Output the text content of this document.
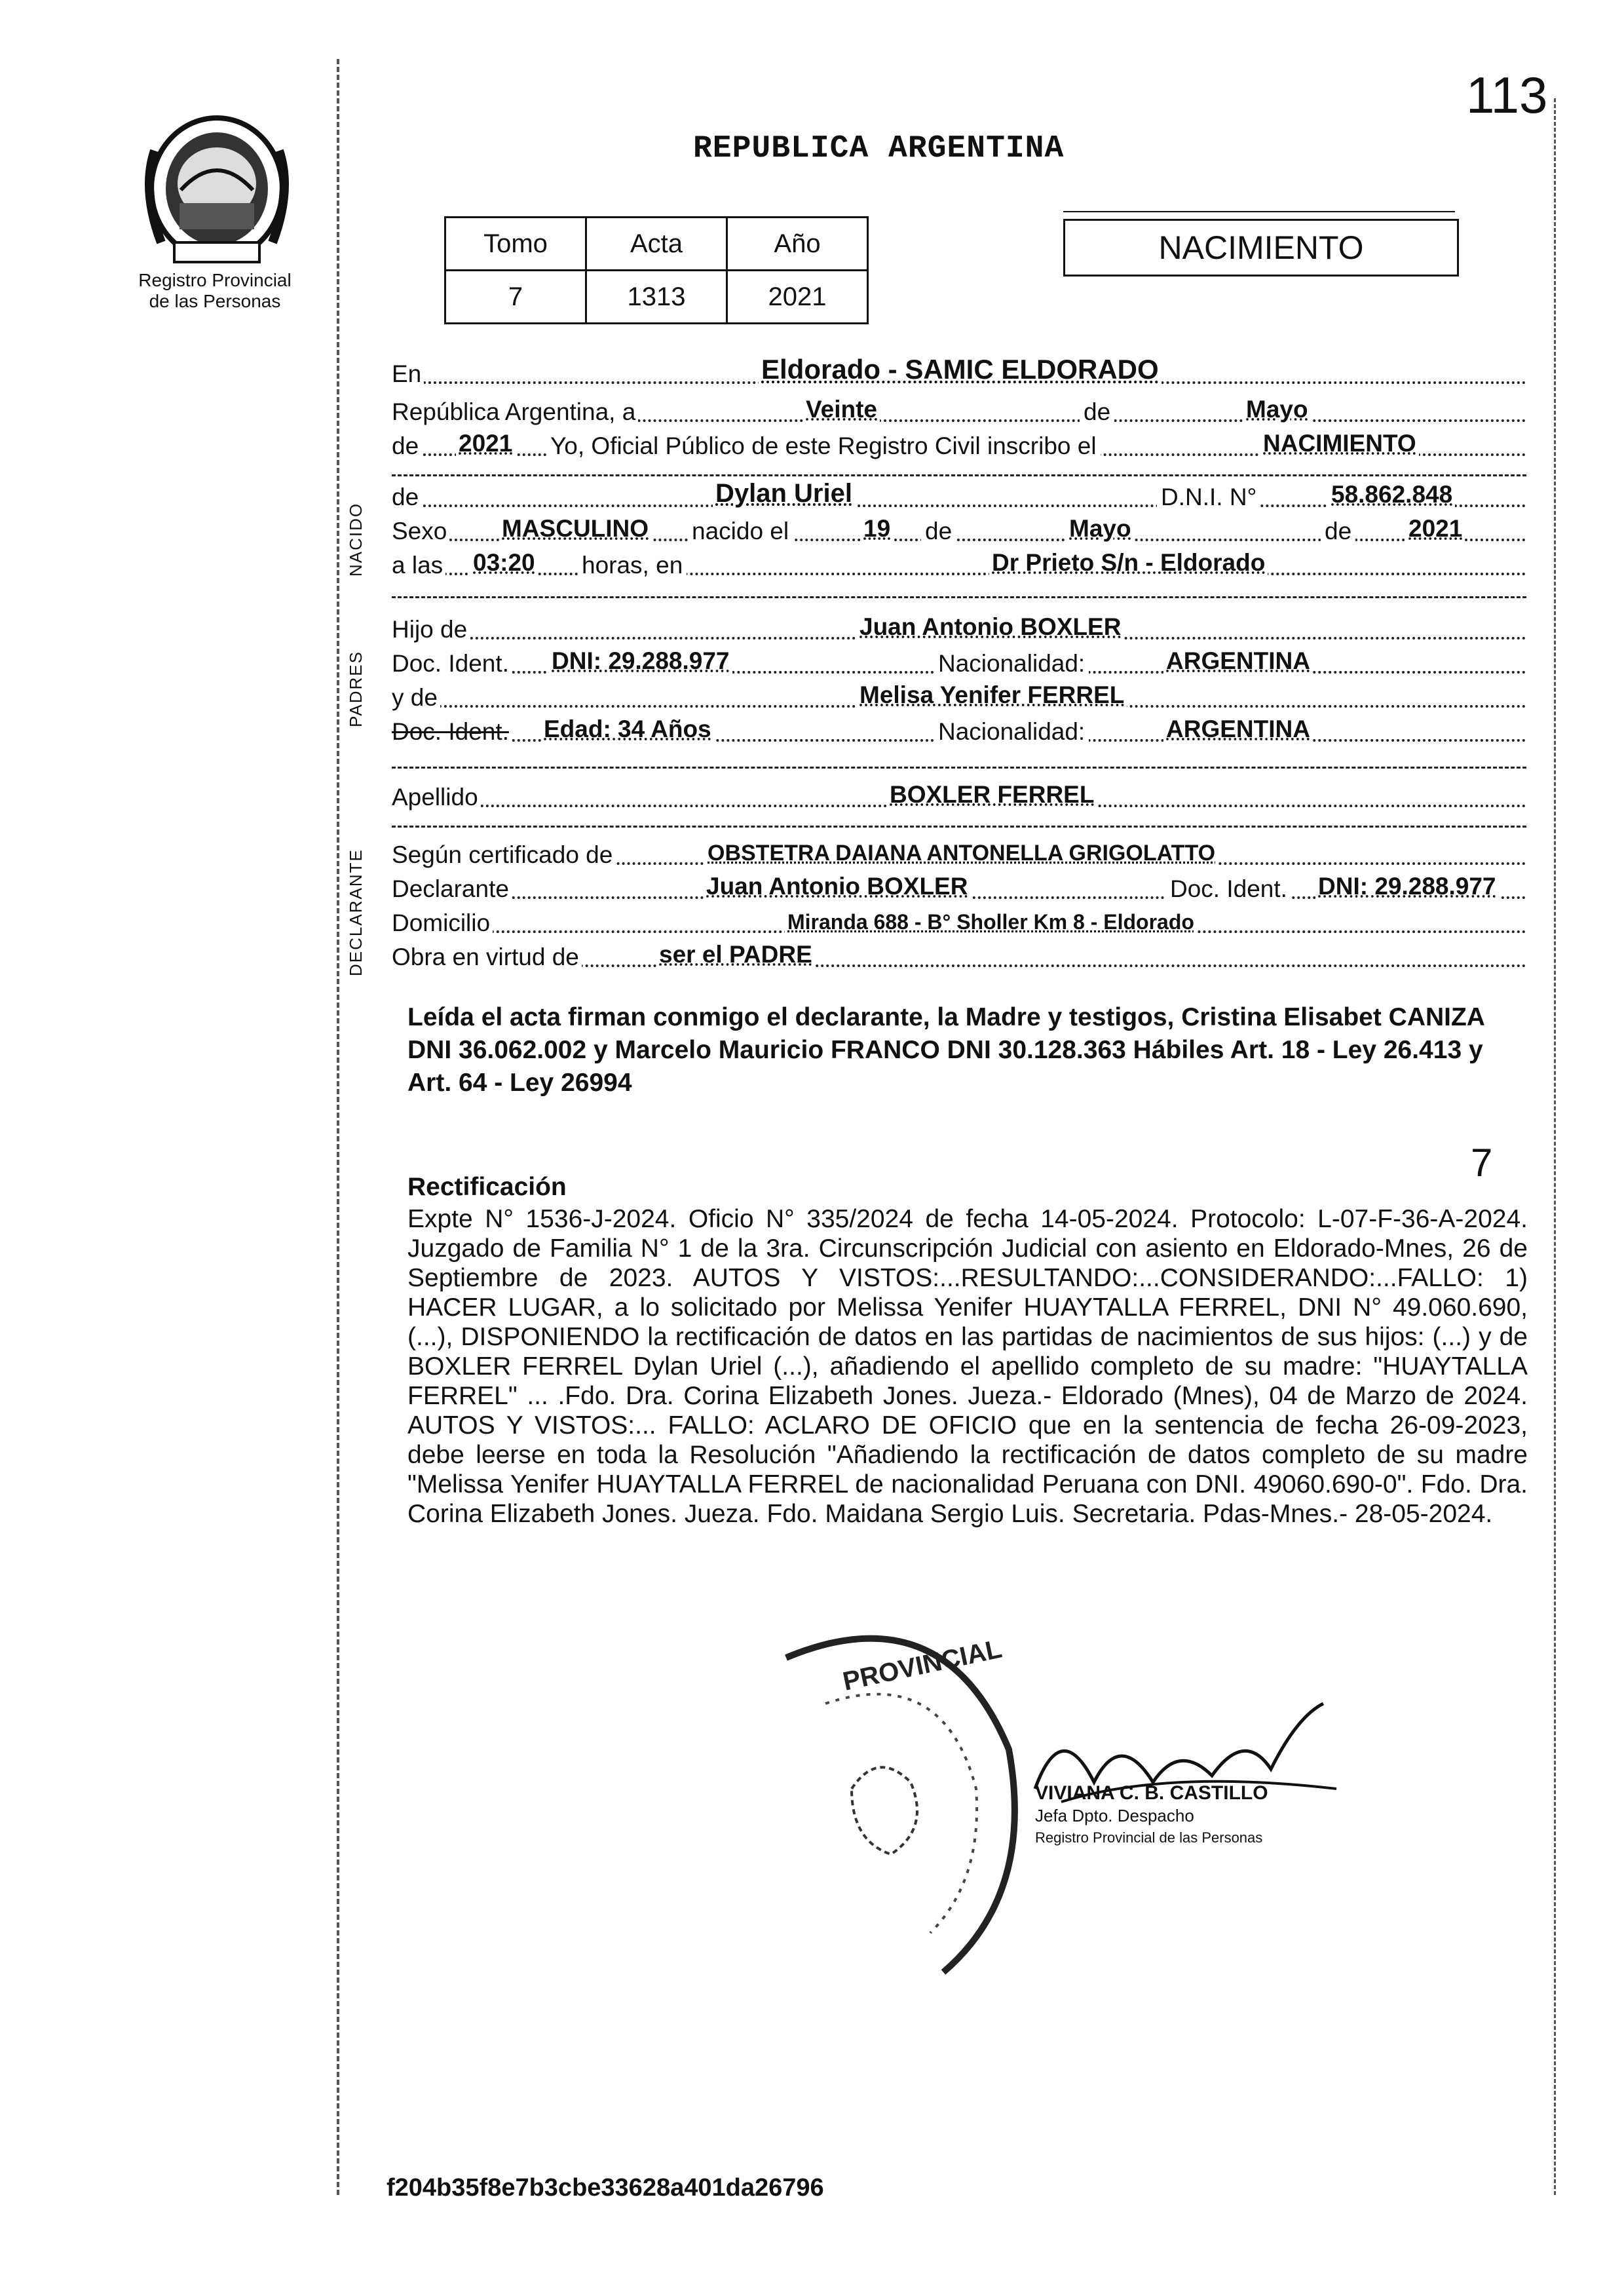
Registro Provincial
de las Personas
113
REPUBLICA ARGENTINA
Tomo	Acta	Año
7	1313	2021
NACIMIENTO
NACIDO
PADRES
DECLARANTE
En	Eldorado - SAMIC ELDORADO
República Argentina, a	Veinte	de	Mayo
de 2021 Yo, Oficial Público de este Registro Civil inscribo el	NACIMIENTO
de	Dylan Uriel	D.N.I. N°	58.862.848
Sexo MASCULINO nacido el	19 de	Mayo	de 2021
a las 03:20 horas, en	Dr Prieto S/n - Eldorado
Hijo de	Juan Antonio BOXLER
Doc. Ident. DNI: 29.288.977	Nacionalidad:	ARGENTINA
y de	Melisa Yenifer FERREL
Doc. Ident. Edad: 34 Años	Nacionalidad:	ARGENTINA
Apellido	BOXLER FERREL
Según certificado de	OBSTETRA DAIANA ANTONELLA GRIGOLATTO
Declarante	Juan Antonio BOXLER	Doc. Ident. DNI: 29.288.977
Domicilio	Miranda 688 - B° Sholler Km 8 - Eldorado
Obra en virtud de	ser el PADRE
Leída el acta firman conmigo el declarante, la Madre y testigos, Cristina Elisabet CANIZA DNI 36.062.002 y Marcelo Mauricio FRANCO DNI 30.128.363 Hábiles Art. 18 - Ley 26.413 y Art. 64 - Ley 26994
7
Rectificación
Expte N° 1536-J-2024. Oficio N° 335/2024 de fecha 14-05-2024. Protocolo: L-07-F-36-A-2024. Juzgado de Familia N° 1 de la 3ra. Circunscripción Judicial con asiento en Eldorado-Mnes, 26 de Septiembre de 2023. AUTOS Y VISTOS:...RESULTANDO:...CONSIDERANDO:...FALLO: 1) HACER LUGAR, a lo solicitado por Melissa Yenifer HUAYTALLA FERREL, DNI N° 49.060.690, (...), DISPONIENDO la rectificación de datos en las partidas de nacimientos de sus hijos: (...) y de BOXLER FERREL Dylan Uriel (...), añadiendo el apellido completo de su madre: "HUAYTALLA FERREL" ... .Fdo. Dra. Corina Elizabeth Jones. Jueza.- Eldorado (Mnes), 04 de Marzo de 2024. AUTOS Y VISTOS:... FALLO: ACLARO DE OFICIO que en la sentencia de fecha 26-09-2023, debe leerse en toda la Resolución "Añadiendo la rectificación de datos completo de su madre "Melissa Yenifer HUAYTALLA FERREL de nacionalidad Peruana con DNI. 49060.690-0". Fdo. Dra. Corina Elizabeth Jones. Jueza. Fdo. Maidana Sergio Luis. Secretaria. Pdas-Mnes.- 28-05-2024.
PROVINCIAL
VIVIANA C. B. CASTILLO
Jefa Dpto. Despacho
Registro Provincial de las Personas
f204b35f8e7b3cbe33628a401da26796
